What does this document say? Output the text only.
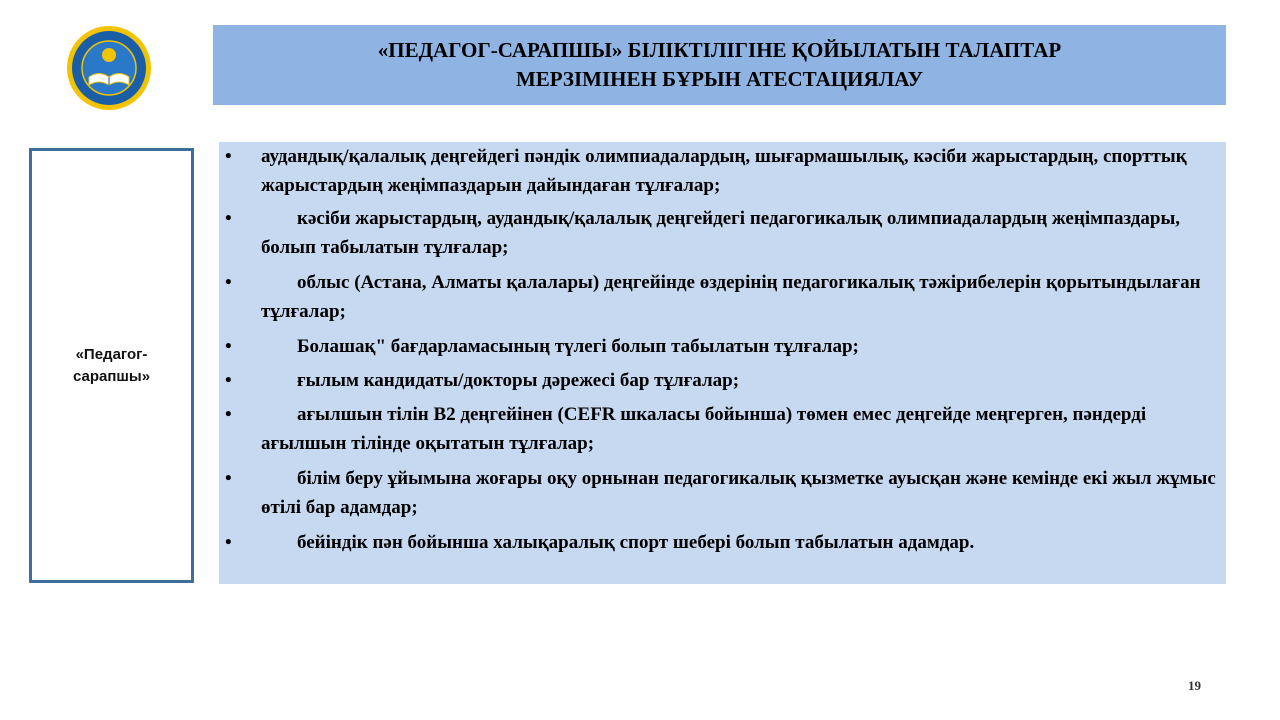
«ПЕДАГОГ-САРАПШЫ» БІЛІКТІЛІГІНЕ ҚОЙЫЛАТЫН ТАЛАПТАР
МЕРЗІМІНЕН БҰРЫН АТЕСТАЦИЯЛАУ
«Педагог-сарапшы»
• аудандық/қалалық деңгейдегі пәндік олимпиадалардың, шығармашылық, кәсіби жарыстардың, спорттық жарыстардың жеңімпаздарын дайындаған тұлғалар;
•	кәсіби жарыстардың, аудандық/қалалық деңгейдегі педагогикалық олимпиадалардың жеңімпаздары, болып табылатын тұлғалар;
•	облыс (Астана, Алматы қалалары) деңгейінде өздерінің педагогикалық тәжірибелерін қорытындылаған тұлғалар;
•	Болашақ" бағдарламасының түлегі болып табылатын тұлғалар;
•	ғылым кандидаты/докторы дәрежесі бар тұлғалар;
•	ағылшын тілін В2 деңгейінен (CEFR шкаласы бойынша) төмен емес деңгейде меңгерген, пәндерді ағылшын тілінде оқытатын тұлғалар;
•	білім беру ұйымына жоғары оқу орнынан педагогикалық қызметке ауысқан және кемінде екі жыл жұмыс өтілі бар адамдар;
•	бейіндік пән бойынша халықаралық спорт шебері болып табылатын адамдар.
19
